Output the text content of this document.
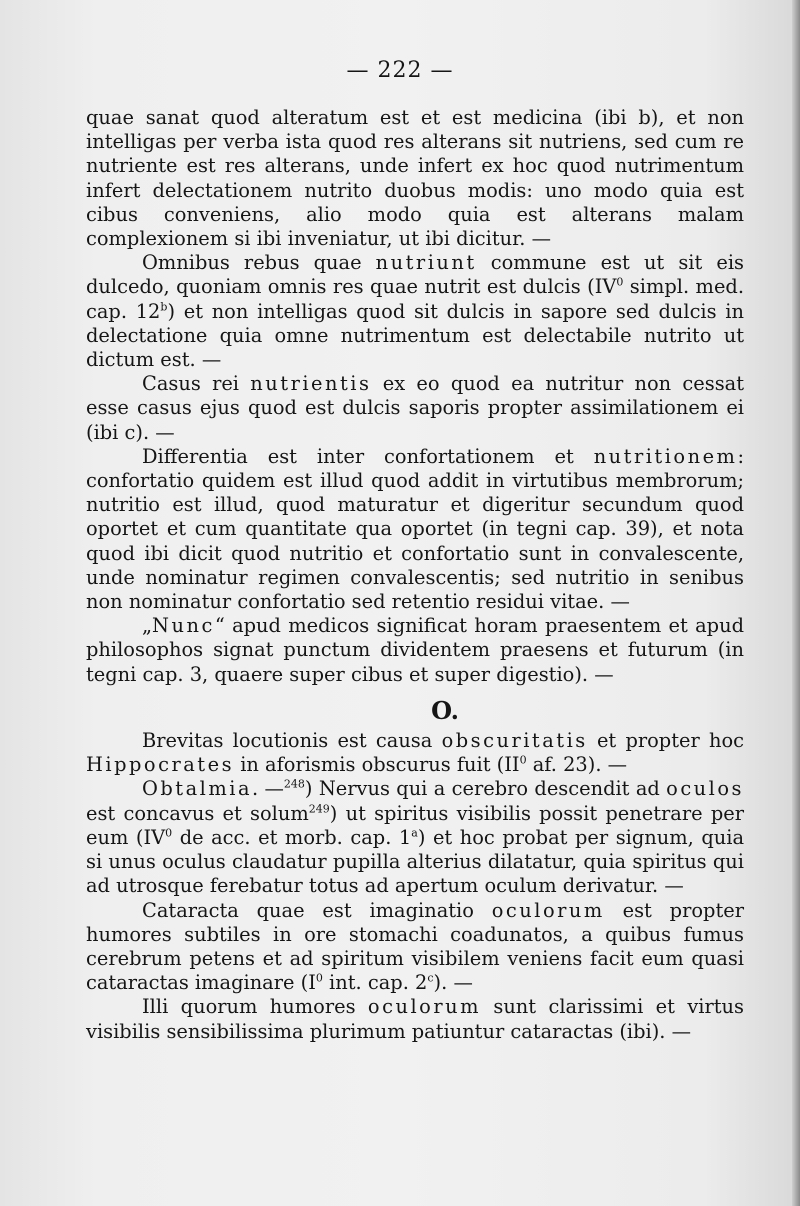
— 222 —

quae sanat quod alteratum est et est medicina (ibi b), et non intelligas per verba ista quod res alterans sit nutriens, sed cum re nutriente est res alterans, unde infert ex hoc quod nutrimentum infert delectationem nutrito duobus modis: uno modo quia est cibus conveniens, alio modo quia est alterans malam complexionem si ibi inveniatur, ut ibi dicitur. —

Omnibus rebus quae nutriunt commune est ut sit eis dulcedo, quoniam omnis res quae nutrit est dulcis ($IV^0$ simpl. med. cap. 12$^b$) et non intelligas quod sit dulcis in sapore sed dulcis in delectatione quia omne nutrimentum est delectabile nutrito ut dictum est. —

Casus rei nutrientis ex eo quod ea nutritur non cessat esse casus ejus quod est dulcis saporis propter assimilationem ei (ibi c). —

Differentia est inter confortationem et nutritionem: confortatio quidem est illud quod addit in virtutibus membrorum; nutritio est illud, quod maturatur et digeritur secundum quod oportet et cum quantitate qua oportet (in tegni cap. 39), et nota quod ibi dicit quod nutritio et confortatio sunt in convalescente, unde nominatur regimen convalescentis; sed nutritio in senibus non nominatur confortatio sed retentio residui vitae. —

„Nunc“ apud medicos significat horam praesentem et apud philosophos signat punctum dividentem praesens et futurum (in tegni cap. 3, quaere super cibus et super digestio). —

O.

Brevitas locutionis est causa obscuritatis et propter hoc Hippocrates in aforismis obscurus fuit ($II^0$ af. 23). —

Obtalmia. —$^{248}$) Nervus qui a cerebro descendit ad oculos est concavus et solum$^{249}$) ut spiritus visibilis possit penetrare per eum ($IV^0$ de acc. et morb. cap. 1$^a$) et hoc probat per signum, quia si unus oculus claudatur pupilla alterius dilatatur, quia spiritus qui ad utrosque ferebatur totus ad apertum oculum derivatur. —

Cataracta quae est imaginatio oculorum est propter humores subtiles in ore stomachi coadunatos, a quibus fumus cerebrum petens et ad spiritum visibilem veniens facit eum quasi cataractas imaginare ($I^0$ int. cap. 2$^c$). —

Illi quorum humores oculorum sunt clarissimi et virtus visibilis sensibilissima plurimum patiuntur cataractas (ibi). —
